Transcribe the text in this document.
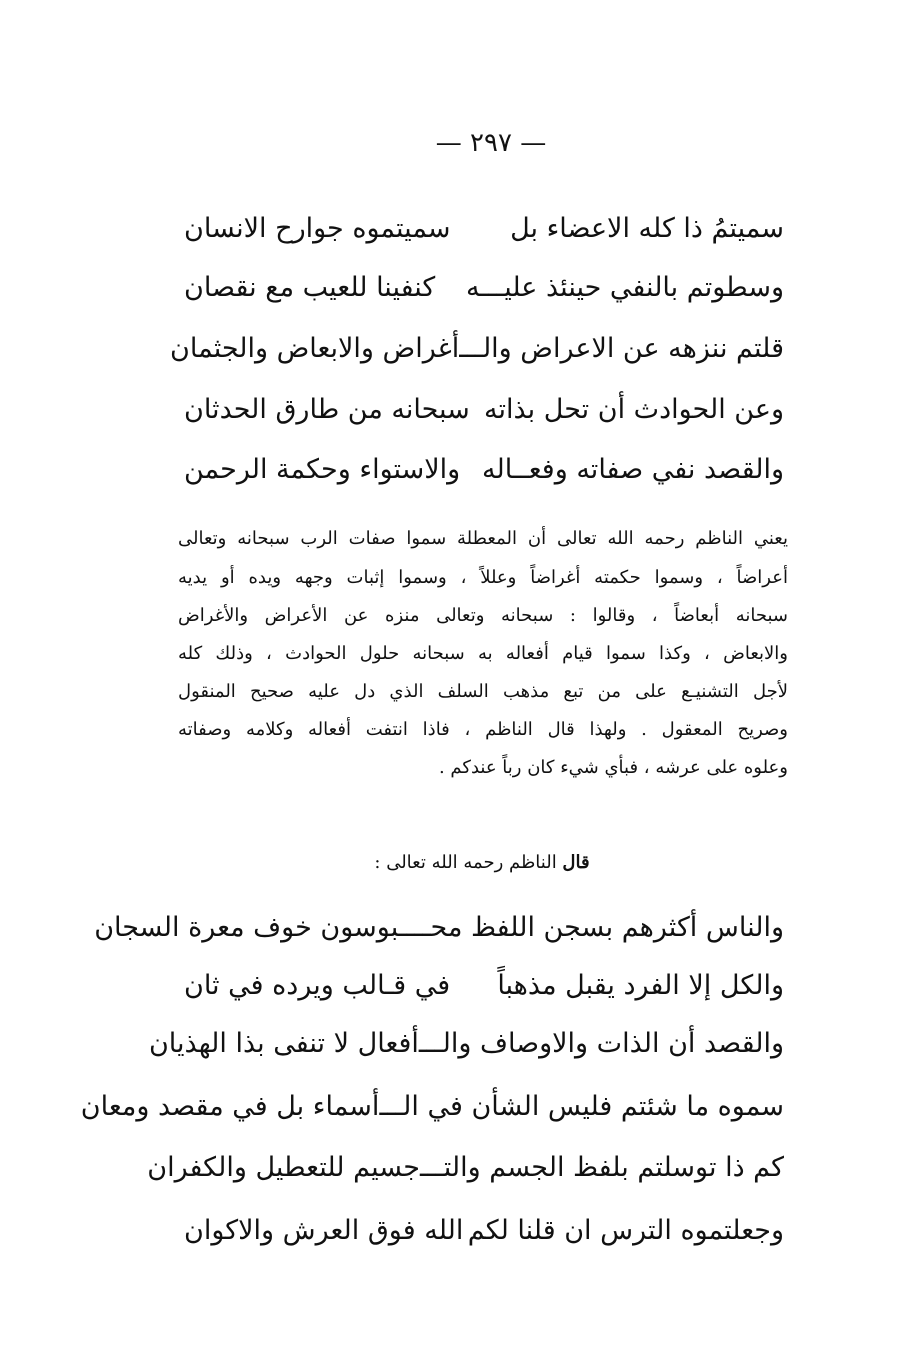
— ٢٩٧ —
سميتمُ ذا كله الاعضاء بل
سميتموه جوارح الانسان
وسطوتم بالنفي حينئذ عليـــه
كنفينا للعيب مع نقصان
قلتم ننزهه عن الاعراض والـــ
أغراض والابعاض والجثمان
وعن الحوادث أن تحل بذاته
سبحانه من طارق الحدثان
والقصد نفي صفاته وفعــاله
والاستواء وحكمة الرحمن
يعني الناظم رحمه الله تعالى أن المعطلة سموا صفات الرب سبحانه وتعالى
أعراضاً ، وسموا حكمته أغراضاً وعللاً ، وسموا إثبات وجهه ويده أو يديه
سبحانه أبعاضاً ، وقالوا : سبحانه وتعالى منزه عن الأعراض والأغراض
والابعاض ، وكذا سموا قيام أفعاله به سبحانه حلول الحوادث ، وذلك كله
لأجل التشنيـع على من تبع مذهب السلف الذي دل عليه صحيح المنقول
وصريح المعقول . ولهذا قال الناظم ، فاذا انتفت أفعاله وكلامه وصفاته
وعلوه على عرشه ، فبأي شيء كان رباً عندكم .
قال الناظم رحمه الله تعالى :
والناس أكثرهم بسجن اللفظ محـــ
ـبوسون خوف معرة السجان
والكل إلا الفرد يقبل مذهباً
في قـالب ويرده في ثان
والقصد أن الذات والاوصاف والـــ
أفعال لا تنفى بذا الهذيان
سموه ما شئتم فليس الشأن في الـــ
أسماء بل في مقصد ومعان
كم ذا توسلتم بلفظ الجسم والتـــ
جسيم للتعطيل والكفران
وجعلتموه الترس ان قلنا لكم
الله فوق العرش والاكوان
